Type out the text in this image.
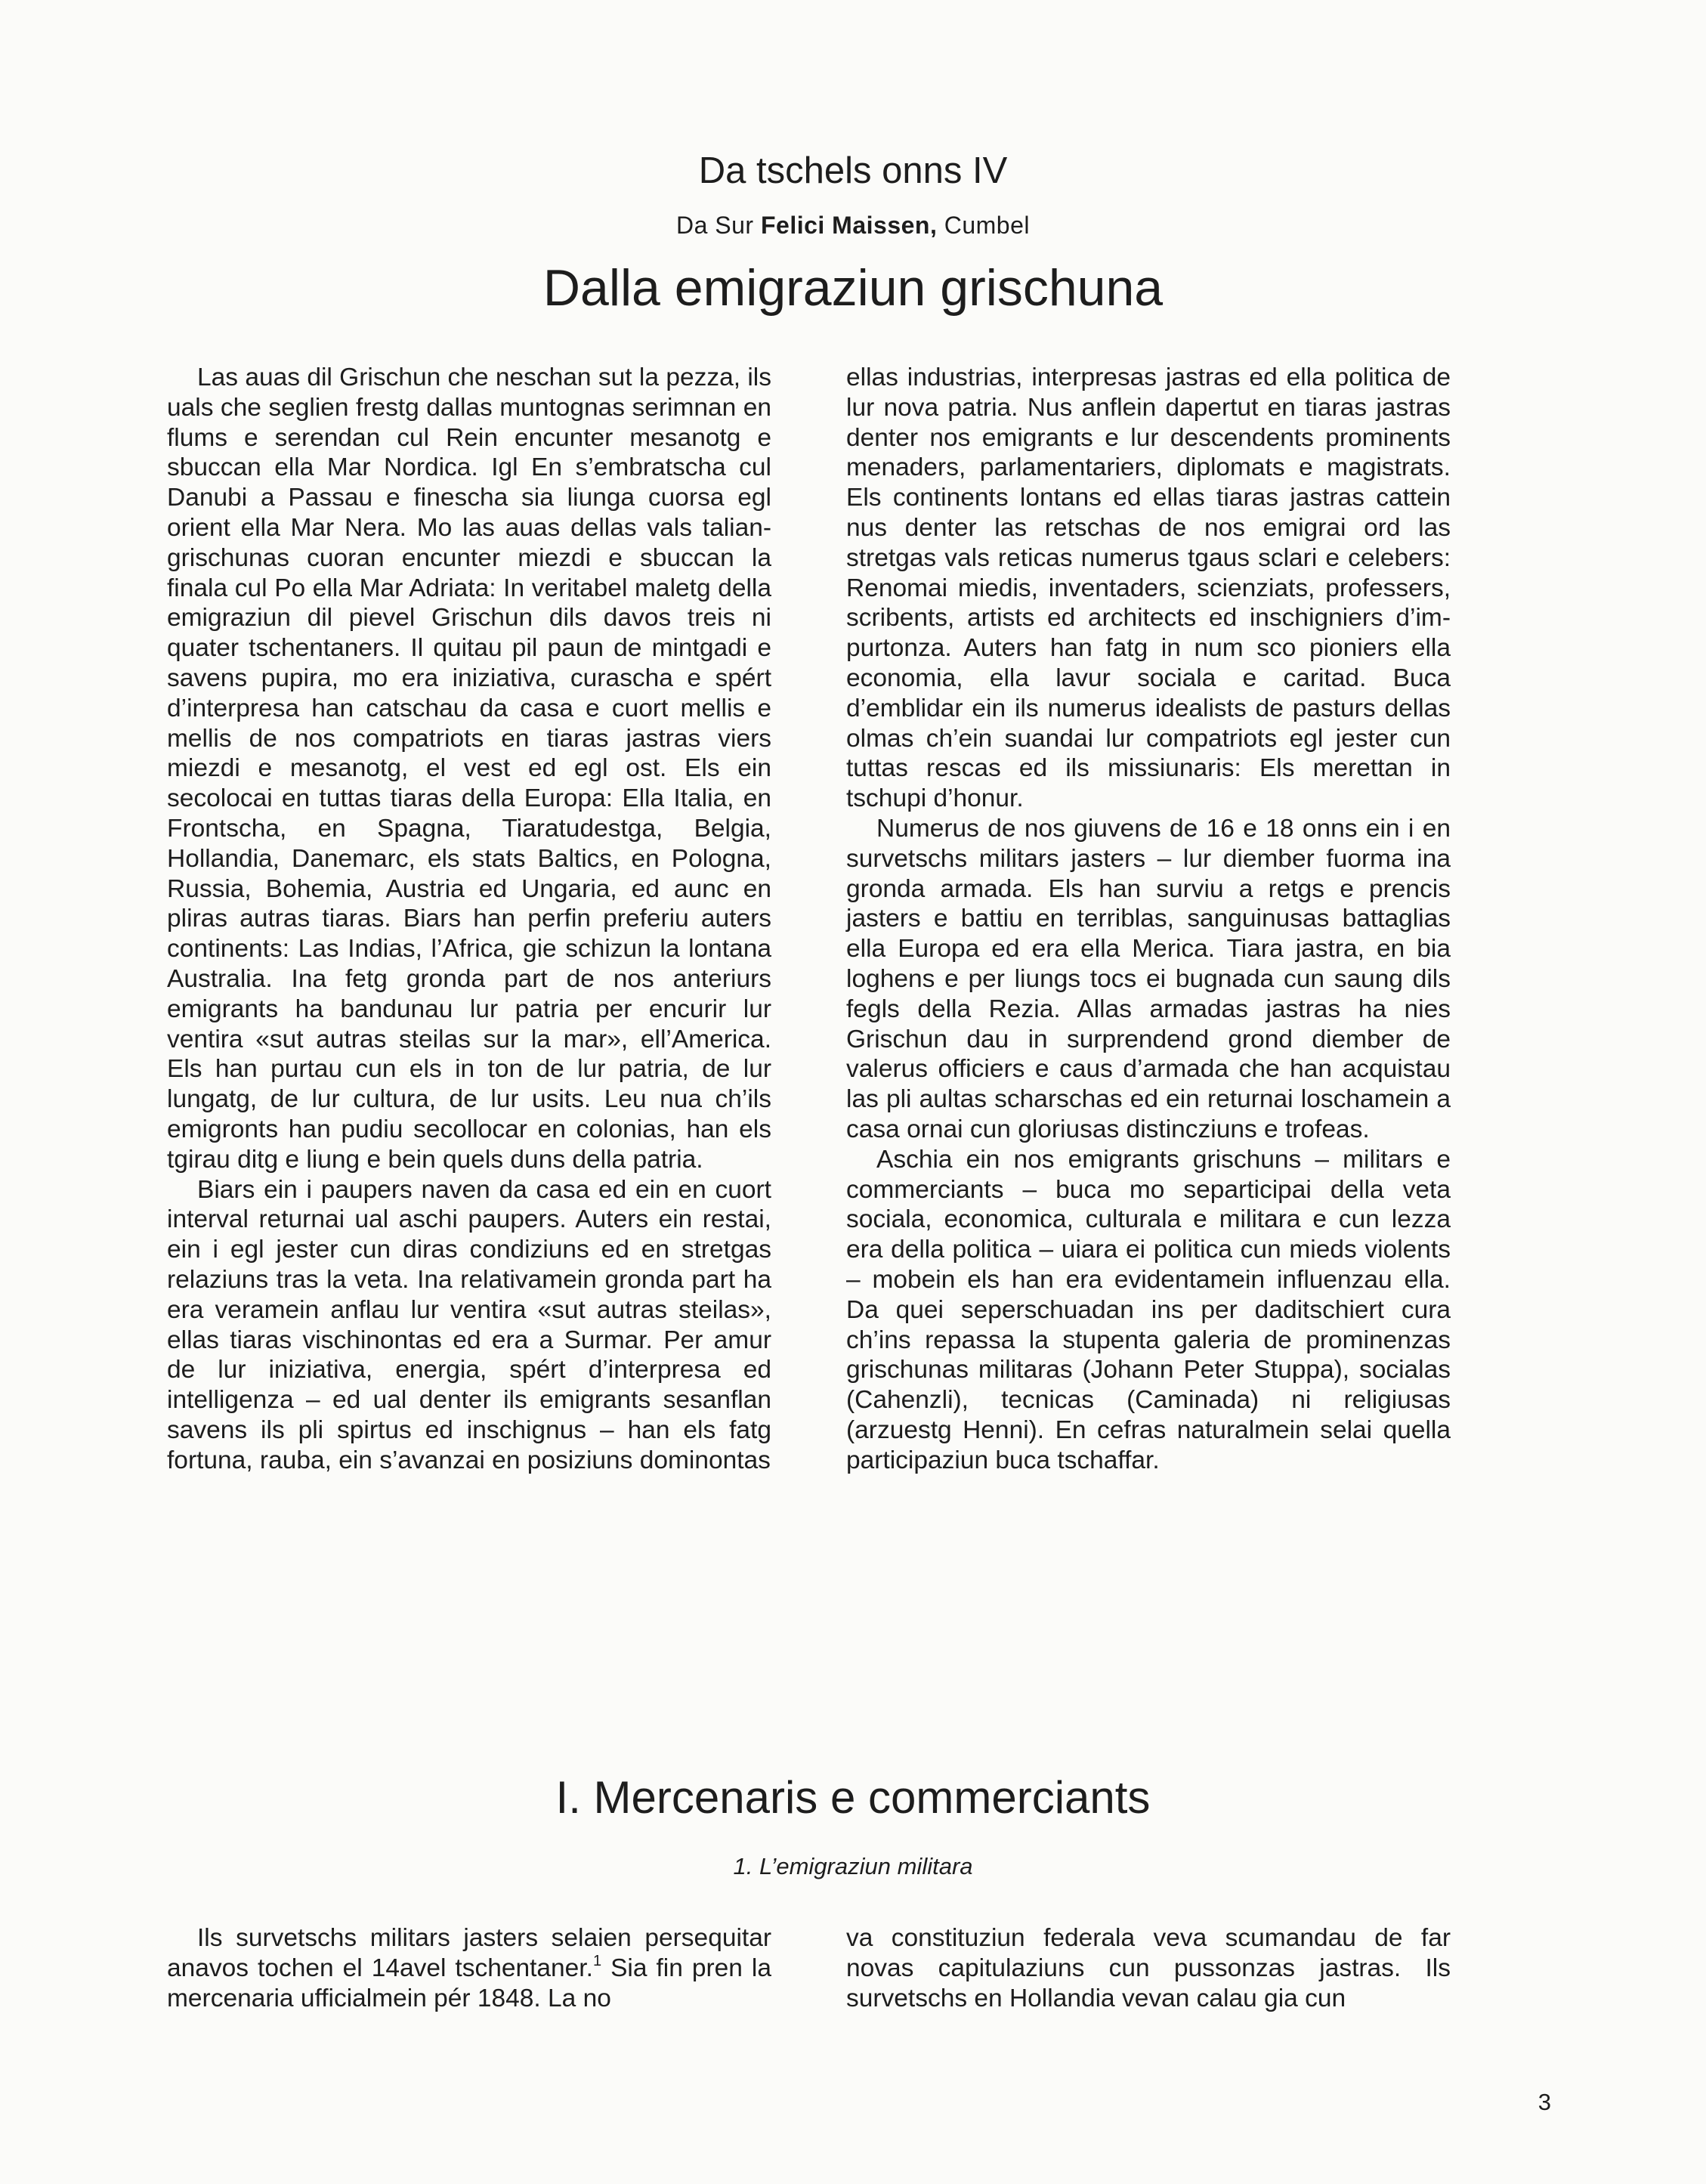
Da tschels onns IV
Da Sur Felici Maissen, Cumbel
Dalla emigraziun grischuna

Las auas dil Grischun che neschan sut la pezza, ils uals che seglien frestg dallas muntognas serimnan en flums e serendan cul Rein encunter mesanotg e sbuccan ella Mar Nordica. Igl En s’embratscha cul Danubi a Passau e finescha sia liunga cuorsa egl orient ella Mar Nera. Mo las auas dellas vals talian-grischunas cuoran encunter miezdi e sbuccan la finala cul Po ella Mar Adriata: In veritabel maletg della emigraziun dil pievel Grischun dils davos treis ni quater tschentaners. Il quitau pil paun de mintgadi e savens pupira, mo era iniziativa, curascha e spért d’interpresa han catschau da casa e cuort mellis e mellis de nos compatriots en tiaras jastras viers miezdi e mesanotg, el vest ed egl ost. Els ein secolocai en tuttas tiaras della Europa: Ella Italia, en Frontscha, en Spagna, Tiaratudestga, Belgia, Hollandia, Danemarc, els stats Baltics, en Pologna, Russia, Bohemia, Austria ed Ungaria, ed aunc en pliras autras tiaras. Biars han perfin preferiu auters continents: Las Indias, l’Africa, gie schizun la lontana Australia. Ina fetg gronda part de nos anteriurs emigrants ha bandunau lur patria per encurir lur ventira «sut autras steilas sur la mar», ell’America. Els han purtau cun els in ton de lur patria, de lur lungatg, de lur cultura, de lur usits. Leu nua ch’ils emigronts han pudiu secollocar en colonias, han els tgirau ditg e liung e bein quels duns della patria.

Biars ein i paupers naven da casa ed ein en cuort interval returnai ual aschi paupers. Auters ein restai, ein i egl jester cun diras condiziuns ed en stretgas relaziuns tras la veta. Ina relativamein gronda part ha era veramein anflau lur ventira «sut autras steilas», ellas tiaras vischinontas ed era a Surmar. Per amur de lur iniziativa, energia, spért d’interpresa ed intelligenza – ed ual denter ils emigrants sesanflan savens ils pli spirtus ed inschignus – han els fatg fortuna, rauba, ein s’avanzai en posiziuns dominontas

ellas industrias, interpresas jastras ed ella politica de lur nova patria. Nus anflein dapertut en tiaras jastras denter nos emigrants e lur descendents prominents menaders, parlamentariers, diplomats e magistrats. Els continents lontans ed ellas tiaras jastras cattein nus denter las retschas de nos emigrai ord las stretgas vals reticas numerus tgaus sclari e celebers: Renomai miedis, inventaders, scienziats, professers, scribents, artists ed architects ed inschigniers d’impurtonza. Auters han fatg in num sco pioniers ella economia, ella lavur sociala e caritad. Buca d’emblidar ein ils numerus idealists de pasturs dellas olmas ch’ein suandai lur compatriots egl jester cun tuttas rescas ed ils missiunaris: Els merettan in tschupi d’honur.

Numerus de nos giuvens de 16 e 18 onns ein i en survetschs militars jasters – lur diember fuorma ina gronda armada. Els han surviu a retgs e prencis jasters e battiu en terriblas, sanguinusas battaglias ella Europa ed era ella Merica. Tiara jastra, en bia loghens e per liungs tocs ei bugnada cun saung dils fegls della Rezia. Allas armadas jastras ha nies Grischun dau in surprendend grond diember de valerus officiers e caus d’armada che han acquistau las pli aultas scharschas ed ein returnai loschamein a casa ornai cun gloriusas distincziuns e trofeas.

Aschia ein nos emigrants grischuns – militars e commerciants – buca mo separticipai della veta sociala, economica, culturala e militara e cun lezza era della politica – uiara ei politica cun mieds violents – mobein els han era evidentamein influenzau ella. Da quei seperschuadan ins per daditschiert cura ch’ins repassa la stupenta galeria de prominenzas grischunas militaras (Johann Peter Stuppa), socialas (Cahenzli), tecnicas (Caminada) ni religiusas (arzuestg Henni). En cefras naturalmein selai quella participaziun buca tschaffar.

I. Mercenaris e commerciants
1. L’emigraziun militara

Ils survetschs militars jasters selaien persequitar anavos tochen el 14avel tschentaner.$^1$ Sia fin pren la mercenaria ufficialmein pér 1848. La no

va constituziun federala veva scumandau de far novas capitulaziuns cun pussonzas jastras. Ils survetschs en Hollandia vevan calau gia cun

3
